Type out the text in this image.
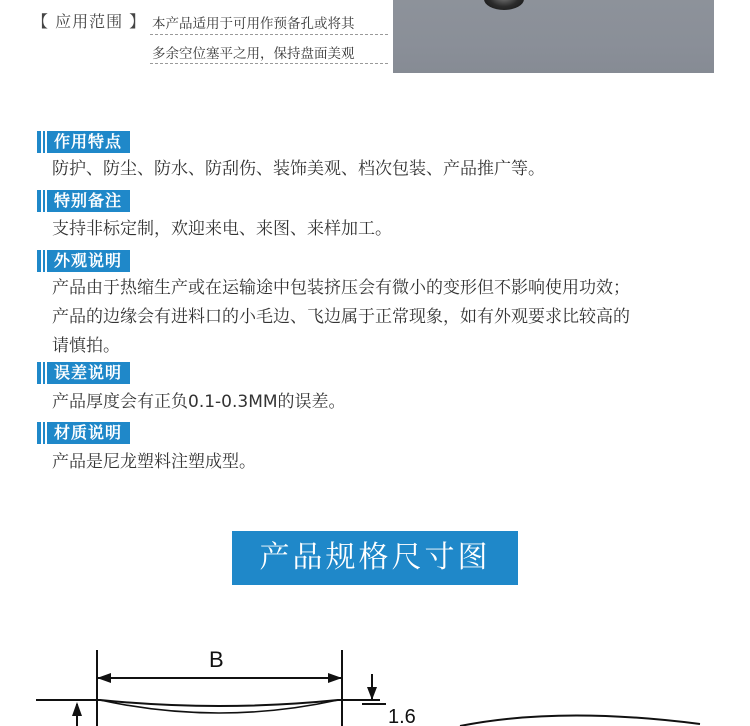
【 应用范围 】 本产品适用于可用作预备孔或将其
多余空位塞平之用，保持盘面美观
作用特点
防护、防尘、防水、防刮伤、装饰美观、档次包装、产品推广等。
特别备注
支持非标定制，欢迎来电、来图、来样加工。
外观说明
产品由于热缩生产或在运输途中包装挤压会有微小的变形但不影响使用功效；
产品的边缘会有进料口的小毛边、飞边属于正常现象，如有外观要求比较高的
请慎拍。
误差说明
产品厚度会有正负0.1-0.3MM的误差。
材质说明
产品是尼龙塑料注塑成型。
产品规格尺寸图
B
1.6
